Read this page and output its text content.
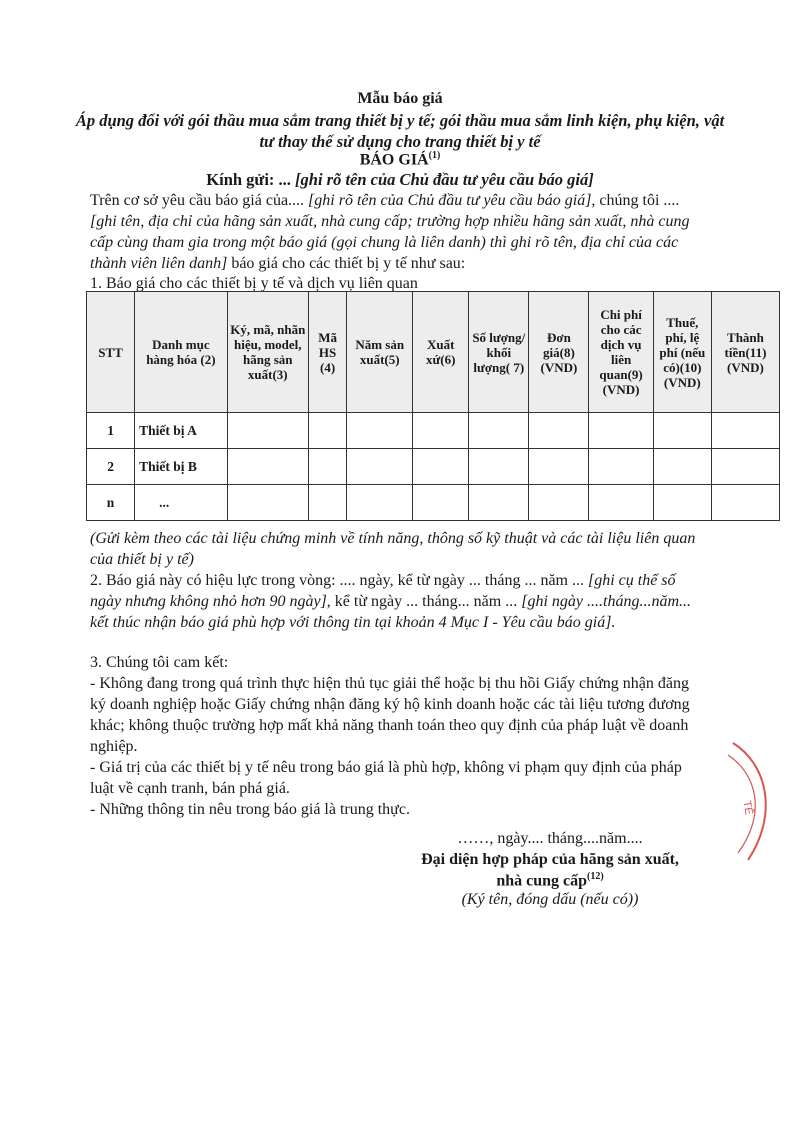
Mẫu báo giá
Áp dụng đối với gói thầu mua sắm trang thiết bị y tế; gói thầu mua sắm linh kiện, phụ kiện, vật tư thay thế sử dụng cho trang thiết bị y tế
BÁO GIÁ$^{(1)}$
Kính gửi: ... [ghi rõ tên của Chủ đầu tư yêu cầu báo giá]

Trên cơ sở yêu cầu báo giá của.... [ghi rõ tên của Chủ đầu tư yêu cầu báo giá], chúng tôi .... [ghi tên, địa chỉ của hãng sản xuất, nhà cung cấp; trường hợp nhiều hãng sản xuất, nhà cung cấp cùng tham gia trong một báo giá (gọi chung là liên danh) thì ghi rõ tên, địa chỉ của các thành viên liên danh] báo giá cho các thiết bị y tế như sau:

1. Báo giá cho các thiết bị y tế và dịch vụ liên quan

STT	Danh mục hàng hóa (2)	Ký, mã, nhãn hiệu, model, hãng sản xuất(3)	Mã HS (4)	Năm sản xuất(5)	Xuất xứ(6)	Số lượng/ khối lượng( 7)	Đơn giá(8) (VND)	Chi phí cho các dịch vụ liên quan(9) (VND)	Thuế, phí, lệ phí (nếu có)(10) (VND)	Thành tiền(11) (VND)
1	Thiết bị A									
2	Thiết bị B									
n	...									

(Gửi kèm theo các tài liệu chứng minh về tính năng, thông số kỹ thuật và các tài liệu liên quan của thiết bị y tế)

2. Báo giá này có hiệu lực trong vòng: .... ngày, kể từ ngày ... tháng ... năm ... [ghi cụ thể số ngày nhưng không nhỏ hơn 90 ngày], kể từ ngày ... tháng... năm ... [ghi ngày ....tháng...năm... kết thúc nhận báo giá phù hợp với thông tin tại khoản 4 Mục I - Yêu cầu báo giá].

3. Chúng tôi cam kết:

- Không đang trong quá trình thực hiện thủ tục giải thể hoặc bị thu hồi Giấy chứng nhận đăng ký doanh nghiệp hoặc Giấy chứng nhận đăng ký hộ kinh doanh hoặc các tài liệu tương đương khác; không thuộc trường hợp mất khả năng thanh toán theo quy định của pháp luật về doanh nghiệp.

- Giá trị của các thiết bị y tế nêu trong báo giá là phù hợp, không vi phạm quy định của pháp luật về cạnh tranh, bán phá giá.

- Những thông tin nêu trong báo giá là trung thực.

……, ngày.... tháng....năm....
Đại diện hợp pháp của hãng sản xuất,
nhà cung cấp$^{(12)}$
(Ký tên, đóng dấu (nếu có))
TẾ
